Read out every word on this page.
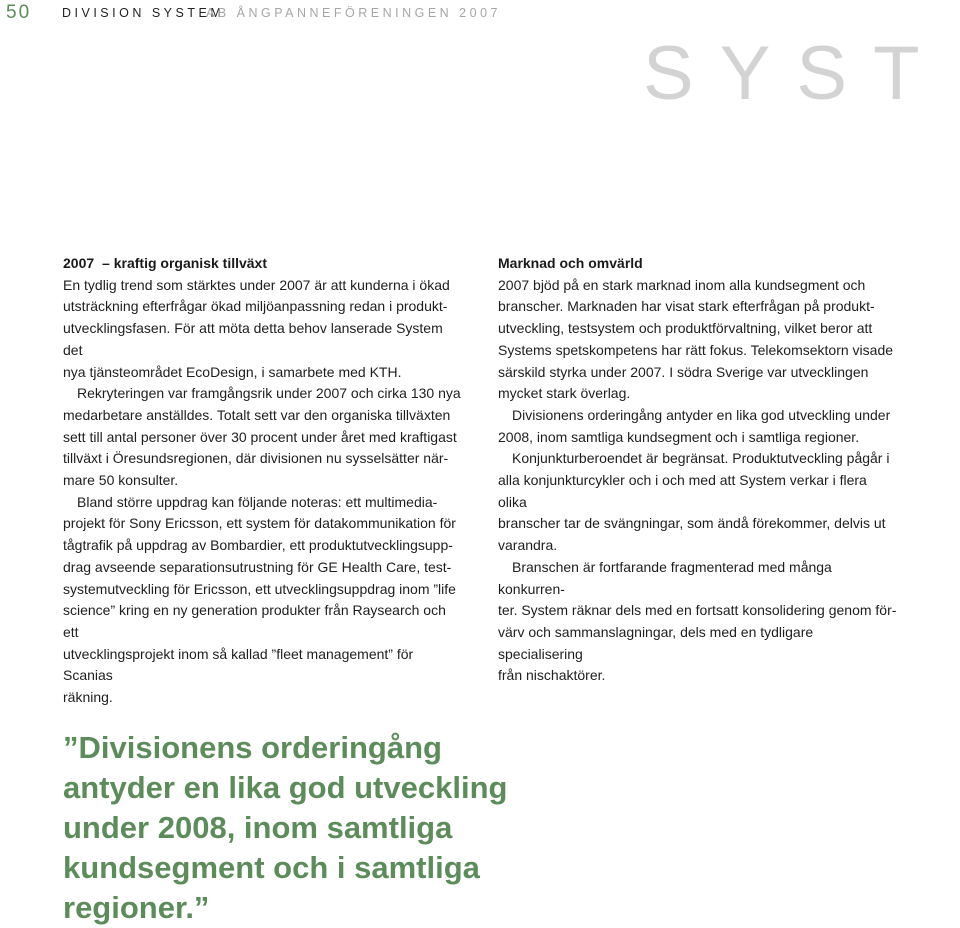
50 DIVISION SYSTEM
AB ÅNGPANNEFÖRENINGEN 2007
SYST
2007 – kraftig organisk tillväxt
En tydlig trend som stärktes under 2007 är att kunderna i ökad
utsträckning efterfrågar ökad miljöanpassning redan i produkt-
utvecklingsfasen. För att möta detta behov lanserade System det
nya tjänsteområdet EcoDesign, i samarbete med KTH.
Rekryteringen var framgångsrik under 2007 och cirka 130 nya
medarbetare anställdes. Totalt sett var den organiska tillväxten
sett till antal personer över 30 procent under året med kraftigast
tillväxt i Öresundsregionen, där divisionen nu sysselsätter när-
mare 50 konsulter.
Bland större uppdrag kan följande noteras: ett multimedia-
projekt för Sony Ericsson, ett system för datakommunikation för
tågtrafik på uppdrag av Bombardier, ett produktutvecklingsupp-
drag avseende separationsutrustning för GE Health Care, test-
systemutveckling för Ericsson, ett utvecklingsuppdrag inom ”life
science” kring en ny generation produkter från Raysearch och ett
utvecklingsprojekt inom så kallad ”fleet management” för Scanias
räkning.
Marknad och omvärld
2007 bjöd på en stark marknad inom alla kundsegment och
branscher. Marknaden har visat stark efterfrågan på produkt-
utveckling, testsystem och produktförvaltning, vilket beror att
Systems spetskompetens har rätt fokus. Telekomsektorn visade
särskild styrka under 2007. I södra Sverige var utvecklingen
mycket stark överlag.
Divisionens orderingång antyder en lika god utveckling under
2008, inom samtliga kundsegment och i samtliga regioner.
Konjunkturberoendet är begränsat. Produktutveckling pågår i
alla konjunkturcykler och i och med att System verkar i flera olika
branscher tar de svängningar, som ändå förekommer, delvis ut
varandra.
Branschen är fortfarande fragmenterad med många konkurren-
ter. System räknar dels med en fortsatt konsolidering genom för-
värv och sammanslagningar, dels med en tydligare specialisering
från nischaktörer.
”Divisionens orderingång
antyder en lika god utveckling
under 2008, inom samtliga
kundsegment och i samtliga
regioner.”
